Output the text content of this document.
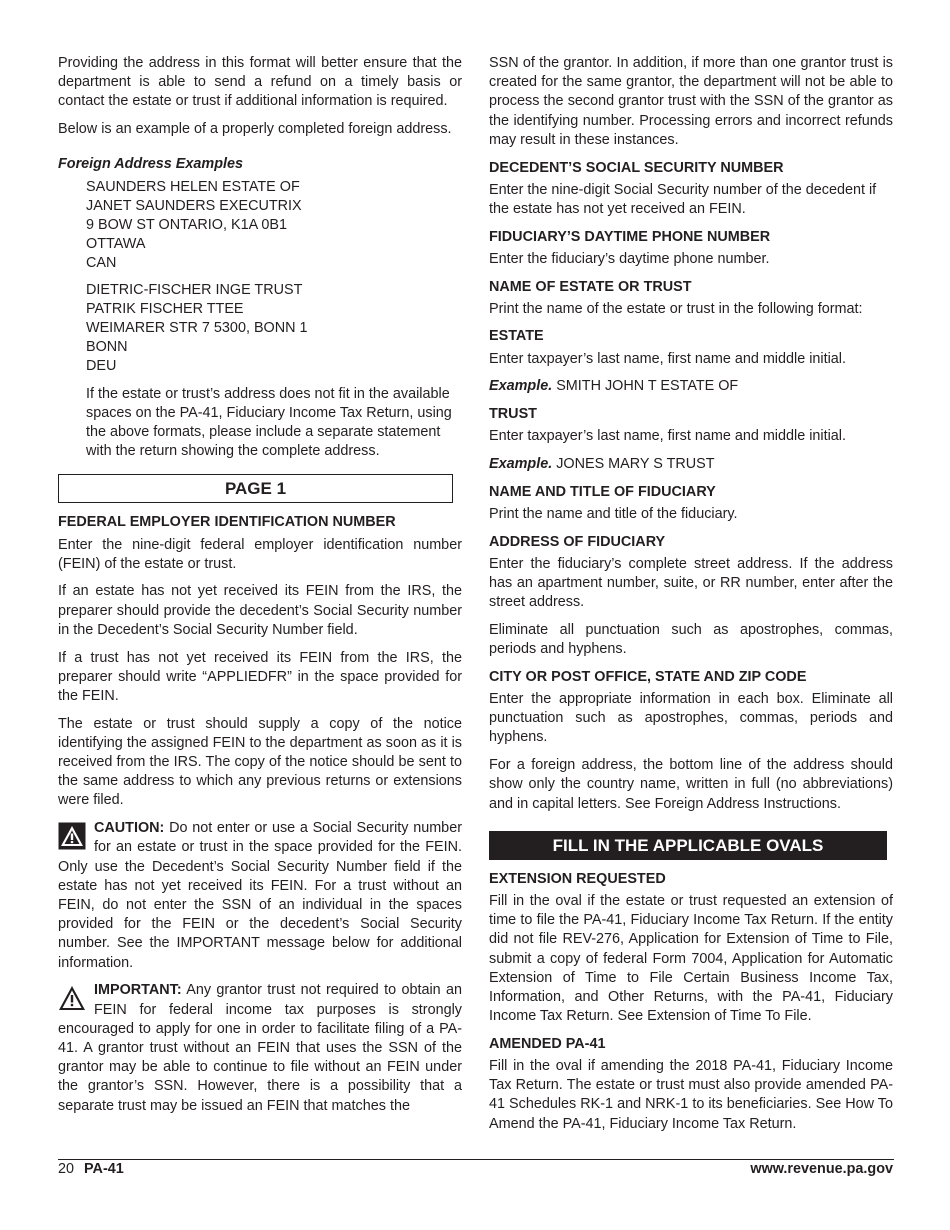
Providing the address in this format will better ensure that the department is able to send a refund on a timely basis or contact the estate or trust if additional information is required.

Below is an example of a properly completed foreign address.

Foreign Address Examples
SAUNDERS HELEN ESTATE OF
JANET SAUNDERS EXECUTRIX
9 BOW ST ONTARIO, K1A 0B1
OTTAWA
CAN
DIETRIC-FISCHER INGE TRUST
PATRIK FISCHER TTEE
WEIMARER STR 7 5300, BONN 1
BONN
DEU

If the estate or trust’s address does not fit in the available spaces on the PA-41, Fiduciary Income Tax Return, using the above formats, please include a separate statement with the return showing the complete address.

PAGE 1
FEDERAL EMPLOYER IDENTIFICATION NUMBER

Enter the nine-digit federal employer identification number (FEIN) of the estate or trust.

If an estate has not yet received its FEIN from the IRS, the preparer should provide the decedent’s Social Security number in the Decedent’s Social Security Number field.

If a trust has not yet received its FEIN from the IRS, the preparer should write “APPLIEDFR” in the space provided for the FEIN.

The estate or trust should supply a copy of the notice identifying the assigned FEIN to the department as soon as it is received from the IRS. The copy of the notice should be sent to the same address to which any previous returns or extensions were filed.

CAUTION: Do not enter or use a Social Security number for an estate or trust in the space provided for the FEIN. Only use the Decedent’s Social Security Number field if the estate has not yet received its FEIN. For a trust without an FEIN, do not enter the SSN of an individual in the spaces provided for the FEIN or the decedent’s Social Security number. See the IMPORTANT message below for additional information.
IMPORTANT: Any grantor trust not required to obtain an FEIN for federal income tax purposes is strongly encouraged to apply for one in order to facilitate filing of a PA-41. A grantor trust without an FEIN that uses the SSN of the grantor may be able to continue to file without an FEIN under the grantor’s SSN. However, there is a possibility that a separate trust may be issued an FEIN that matches the

SSN of the grantor. In addition, if more than one grantor trust is created for the same grantor, the department will not be able to process the second grantor trust with the SSN of the grantor as the identifying number. Processing errors and incorrect refunds may result in these instances.

DECEDENT’S SOCIAL SECURITY NUMBER

Enter the nine-digit Social Security number of the decedent if the estate has not yet received an FEIN.

FIDUCIARY’S DAYTIME PHONE NUMBER

Enter the fiduciary’s daytime phone number.

NAME OF ESTATE OR TRUST

Print the name of the estate or trust in the following format:

ESTATE

Enter taxpayer’s last name, first name and middle initial.

Example. SMITH JOHN T ESTATE OF

TRUST

Enter taxpayer’s last name, first name and middle initial.

Example. JONES MARY S TRUST

NAME AND TITLE OF FIDUCIARY

Print the name and title of the fiduciary.

ADDRESS OF FIDUCIARY

Enter the fiduciary’s complete street address. If the address has an apartment number, suite, or RR number, enter after the street address.

Eliminate all punctuation such as apostrophes, commas, periods and hyphens.

CITY OR POST OFFICE, STATE AND ZIP CODE

Enter the appropriate information in each box. Eliminate all punctuation such as apostrophes, commas, periods and hyphens.

For a foreign address, the bottom line of the address should show only the country name, written in full (no abbreviations) and in capital letters. See Foreign Address Instructions.

FILL IN THE APPLICABLE OVALS
EXTENSION REQUESTED

Fill in the oval if the estate or trust requested an extension of time to file the PA-41, Fiduciary Income Tax Return. If the entity did not file REV-276, Application for Extension of Time to File, submit a copy of federal Form 7004, Application for Automatic Extension of Time to File Certain Business Income Tax, Information, and Other Returns, with the PA-41, Fiduciary Income Tax Return. See Extension of Time To File.

AMENDED PA-41

Fill in the oval if amending the 2018 PA-41, Fiduciary Income Tax Return. The estate or trust must also provide amended PA-41 Schedules RK-1 and NRK-1 to its beneficiaries. See How To Amend the PA-41, Fiduciary Income Tax Return.

20 PA-41	www.revenue.pa.gov
